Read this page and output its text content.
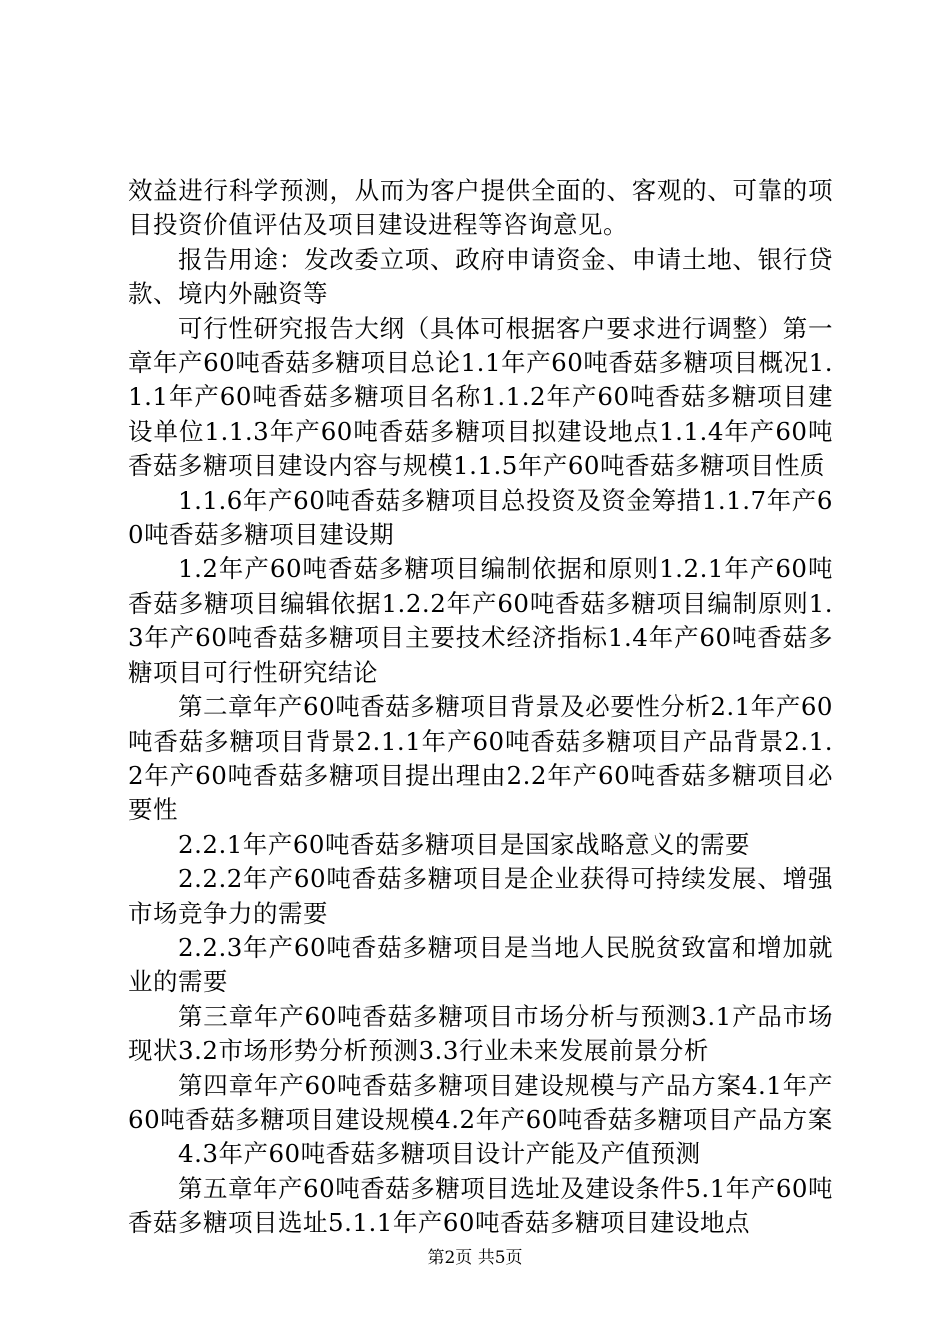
效益进行科学预测，从而为客户提供全面的、客观的、可靠的项目投资价值评估及项目建设进程等咨询意见。

报告用途：发改委立项、政府申请资金、申请土地、银行贷款、境内外融资等

可行性研究报告大纲（具体可根据客户要求进行调整）第一章年产60吨香菇多糖项目总论1.1年产60吨香菇多糖项目概况1.1.1年产60吨香菇多糖项目名称1.1.2年产60吨香菇多糖项目建设单位1.1.3年产60吨香菇多糖项目拟建设地点1.1.4年产60吨香菇多糖项目建设内容与规模1.1.5年产60吨香菇多糖项目性质

1.1.6年产60吨香菇多糖项目总投资及资金筹措1.1.7年产60吨香菇多糖项目建设期

1.2年产60吨香菇多糖项目编制依据和原则1.2.1年产60吨香菇多糖项目编辑依据1.2.2年产60吨香菇多糖项目编制原则1.3年产60吨香菇多糖项目主要技术经济指标1.4年产60吨香菇多糖项目可行性研究结论

第二章年产60吨香菇多糖项目背景及必要性分析2.1年产60吨香菇多糖项目背景2.1.1年产60吨香菇多糖项目产品背景2.1.2年产60吨香菇多糖项目提出理由2.2年产60吨香菇多糖项目必要性

2.2.1年产60吨香菇多糖项目是国家战略意义的需要

2.2.2年产60吨香菇多糖项目是企业获得可持续发展、增强市场竞争力的需要

2.2.3年产60吨香菇多糖项目是当地人民脱贫致富和增加就业的需要

第三章年产60吨香菇多糖项目市场分析与预测3.1产品市场现状3.2市场形势分析预测3.3行业未来发展前景分析

第四章年产60吨香菇多糖项目建设规模与产品方案4.1年产60吨香菇多糖项目建设规模4.2年产60吨香菇多糖项目产品方案

4.3年产60吨香菇多糖项目设计产能及产值预测

第五章年产60吨香菇多糖项目选址及建设条件5.1年产60吨香菇多糖项目选址5.1.1年产60吨香菇多糖项目建设地点

第2页 共5页
